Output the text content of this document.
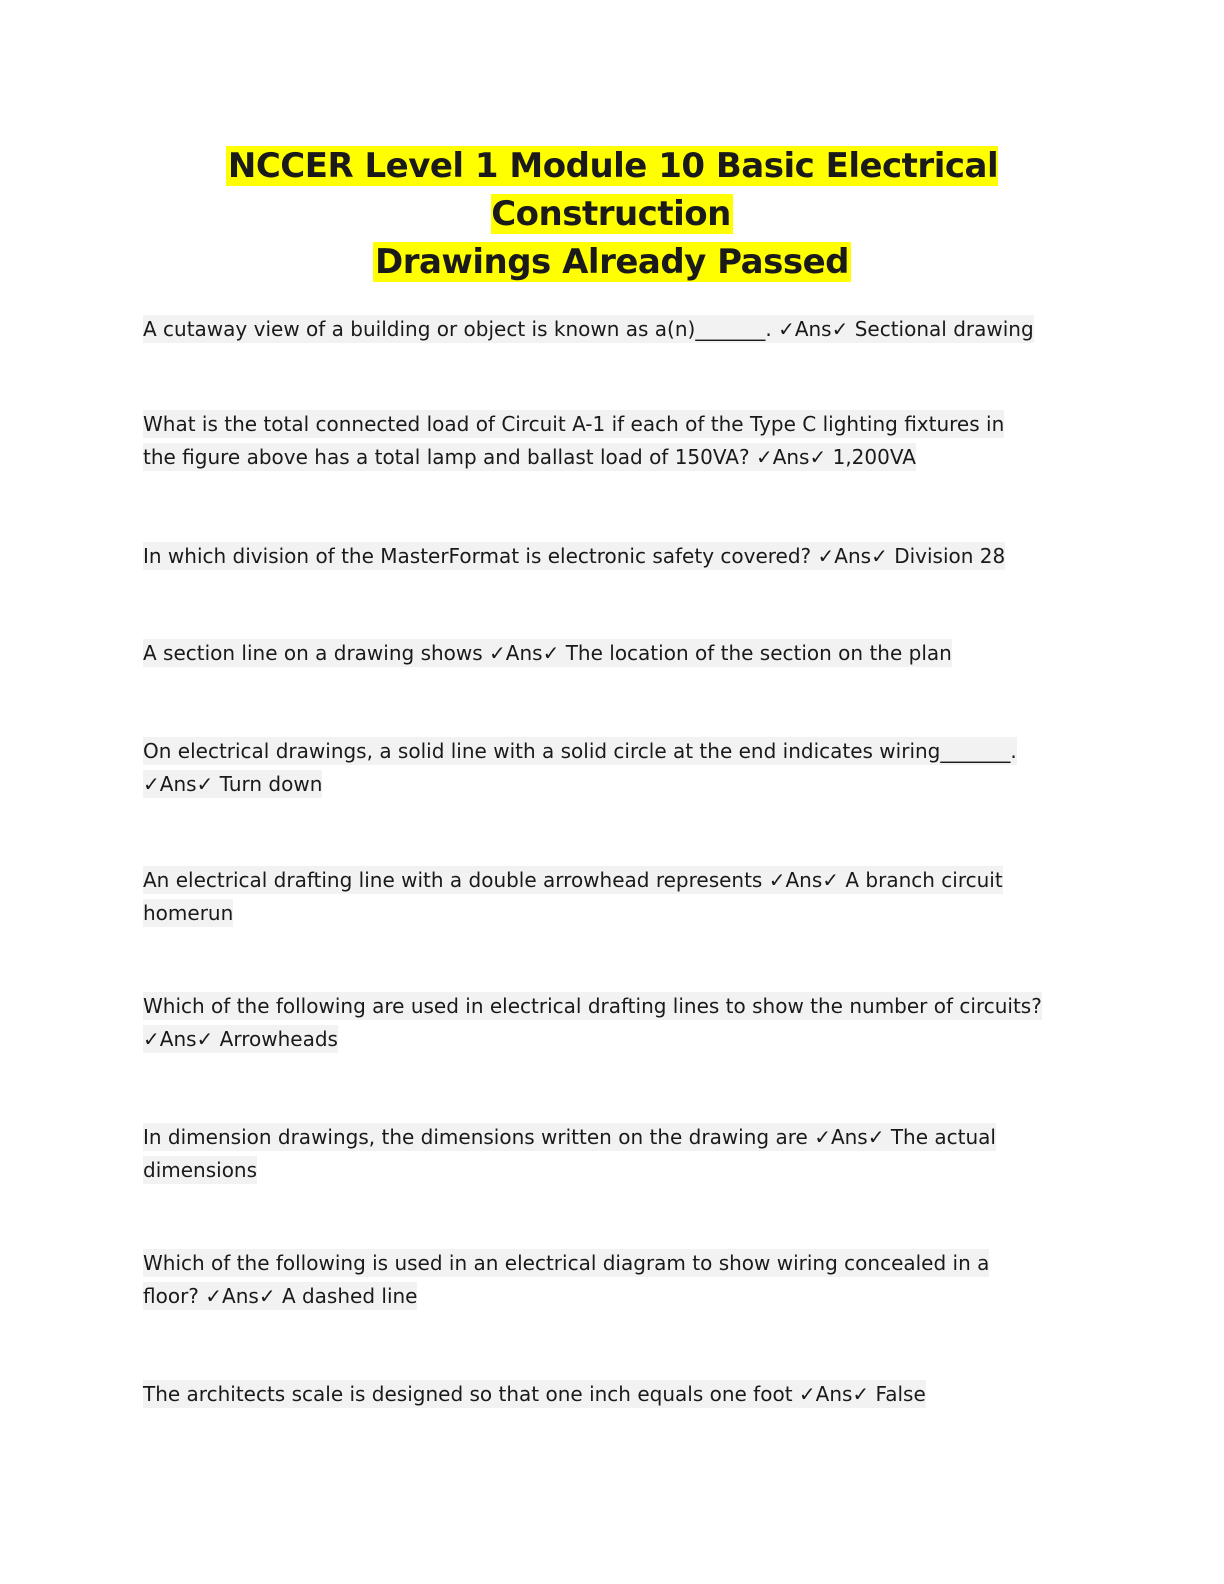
NCCER Level 1 Module 10 Basic Electrical Construction
Drawings Already Passed
A cutaway view of a building or object is known as a(n)_______. ✓Ans✓ Sectional drawing
What is the total connected load of Circuit A-1 if each of the Type C lighting fixtures in the figure above has a total lamp and ballast load of 150VA? ✓Ans✓ 1,200VA
In which division of the MasterFormat is electronic safety covered? ✓Ans✓ Division 28
A section line on a drawing shows ✓Ans✓ The location of the section on the plan
On electrical drawings, a solid line with a solid circle at the end indicates wiring_______. ✓Ans✓ Turn down
An electrical drafting line with a double arrowhead represents ✓Ans✓ A branch circuit homerun
Which of the following are used in electrical drafting lines to show the number of circuits? ✓Ans✓ Arrowheads
In dimension drawings, the dimensions written on the drawing are ✓Ans✓ The actual dimensions
Which of the following is used in an electrical diagram to show wiring concealed in a floor? ✓Ans✓ A dashed line
The architects scale is designed so that one inch equals one foot ✓Ans✓ False
